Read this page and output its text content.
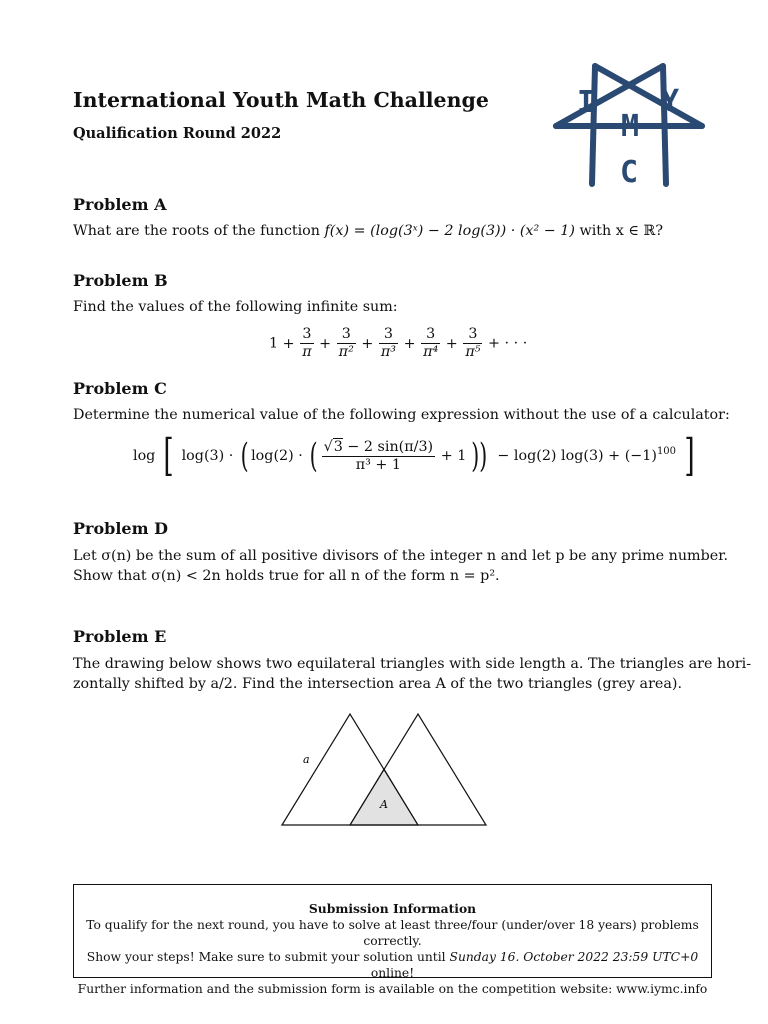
International Youth Math Challenge
Qualification Round 2022
I Y
M
C
Problem A
What are the roots of the function f(x) = (log(3ˣ) − 2 log(3)) · (x² − 1) with x ∈ ℝ?
Problem B
Find the values of the following infinite sum:
$1 + \frac{3}{\pi} + \frac{3}{\text{π²}} + \frac{3}{\text{π³}} + \frac{3}{\text{π⁴}} + \frac{3}{\text{π⁵}}$ + · · ·
Problem C
Determine the numerical value of the following expression without the use of a calculator:
log [ log(3) · ( log(2) · ( $\frac{√3 - 2 \sin(\pi/3)}{\text{π³ + 1}} + 1$ )) − log(2) $\log(3) + (-1)^{100}$ ]
Problem D
Let σ(n) be the sum of all positive divisors of the integer n and let p be any prime number.
Show that σ(n) < 2n holds true for all n of the form n = p².
Problem E
The drawing below shows two equilateral triangles with side length a. The triangles are hori-
zontally shifted by a/2. Find the intersection area A of the two triangles (grey area).
a
A
Submission Information
To qualify for the next round, you have to solve at least three/four (under/over 18 years) problems correctly.
Show your steps! Make sure to submit your solution until Sunday 16. October 2022 23:59 UTC+0 online!
Further information and the submission form is available on the competition website: www.iymc.info
